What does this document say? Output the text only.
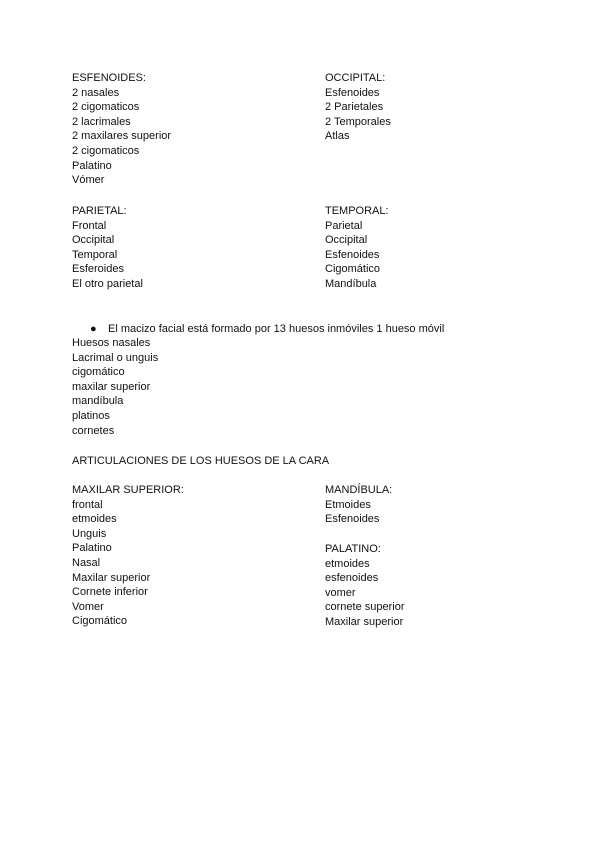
ESFENOIDES:
2 nasales
2 cigomaticos
2 lacrimales
2 maxilares superior
2 cigomaticos
Palatino
Vómer
OCCIPITAL:
Esfenoides
2 Parietales
2 Temporales
Atlas
PARIETAL:
Frontal
Occipital
Temporal
Esferoides
El otro parietal
TEMPORAL:
Parietal
Occipital
Esfenoides
Cigomático
Mandíbula
● El macizo facial está formado por 13 huesos inmóviles 1 hueso móvil
Huesos nasales
Lacrimal o unguis
cigomático
maxilar superior
mandíbula
platinos
cornetes
ARTICULACIONES DE LOS HUESOS DE LA CARA
MAXILAR SUPERIOR:
frontal
etmoides
Unguis
Palatino
Nasal
Maxilar superior
Cornete inferior
Vomer
Cigomático
MANDÍBULA:
Etmoides
Esfenoides
PALATINO:
etmoides
esfenoides
vomer
cornete superior
Maxilar superior
